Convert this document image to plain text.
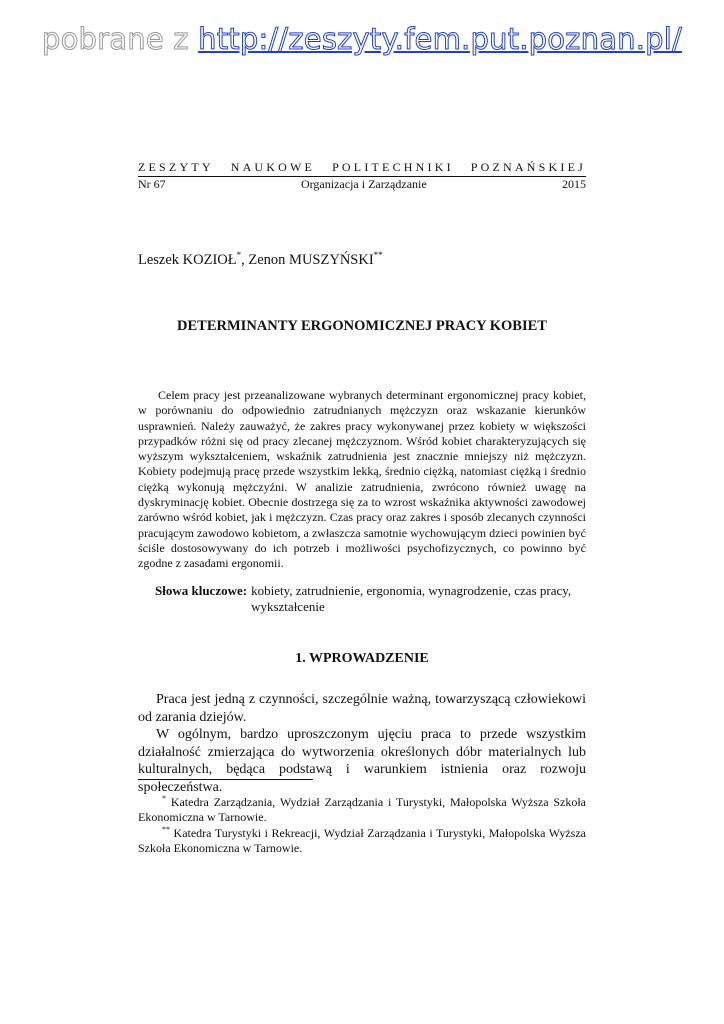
pobrane z http://zeszyty.fem.put.poznan.pl/
ZESZYTY NAUKOWE POLITECHNIKI POZNAŃSKIEJ
Nr 67	Organizacja i Zarządzanie	2015
Leszek KOZIOŁ*, Zenon MUSZYŃSKI**
DETERMINANTY ERGONOMICZNEJ PRACY KOBIET

Celem pracy jest przeanalizowane wybranych determinant ergonomicznej pracy kobiet, w porównaniu do odpowiednio zatrudnianych mężczyzn oraz wskazanie kierunków usprawnień. Należy zauważyć, że zakres pracy wykonywanej przez kobiety w większości przypadków różni się od pracy zlecanej mężczyznom. Wśród kobiet charakteryzujących się wyższym wykształceniem, wskaźnik zatrudnienia jest znacznie mniejszy niż mężczyzn. Kobiety podejmują pracę przede wszystkim lekką, średnio ciężką, natomiast ciężką i średnio ciężką wykonują mężczyźni. W analizie zatrudnienia, zwrócono również uwagę na dyskryminację kobiet. Obecnie dostrzega się za to wzrost wskaźnika aktywności zawodowej zarówno wśród kobiet, jak i mężczyzn. Czas pracy oraz zakres i sposób zlecanych czynności pracującym zawodowo kobietom, a zwłaszcza samotnie wychowującym dzieci powinien być ściśle dostosowywany do ich potrzeb i możliwości psychofizycznych, co powinno być zgodne z zasadami ergonomii.

Słowa kluczowe: kobiety, zatrudnienie, ergonomia, wynagrodzenie, czas pracy, wykształcenie
1. WPROWADZENIE

Praca jest jedną z czynności, szczególnie ważną, towarzyszącą człowiekowi od zarania dziejów.

W ogólnym, bardzo uproszczonym ujęciu praca to przede wszystkim działalność zmierzająca do wytworzenia określonych dóbr materialnych lub kulturalnych, będąca podstawą i warunkiem istnienia oraz rozwoju społeczeństwa.

* Katedra Zarządzania, Wydział Zarządzania i Turystyki, Małopolska Wyższa Szkoła Ekonomiczna w Tarnowie.

** Katedra Turystyki i Rekreacji, Wydział Zarządzania i Turystyki, Małopolska Wyższa Szkoła Ekonomiczna w Tarnowie.
